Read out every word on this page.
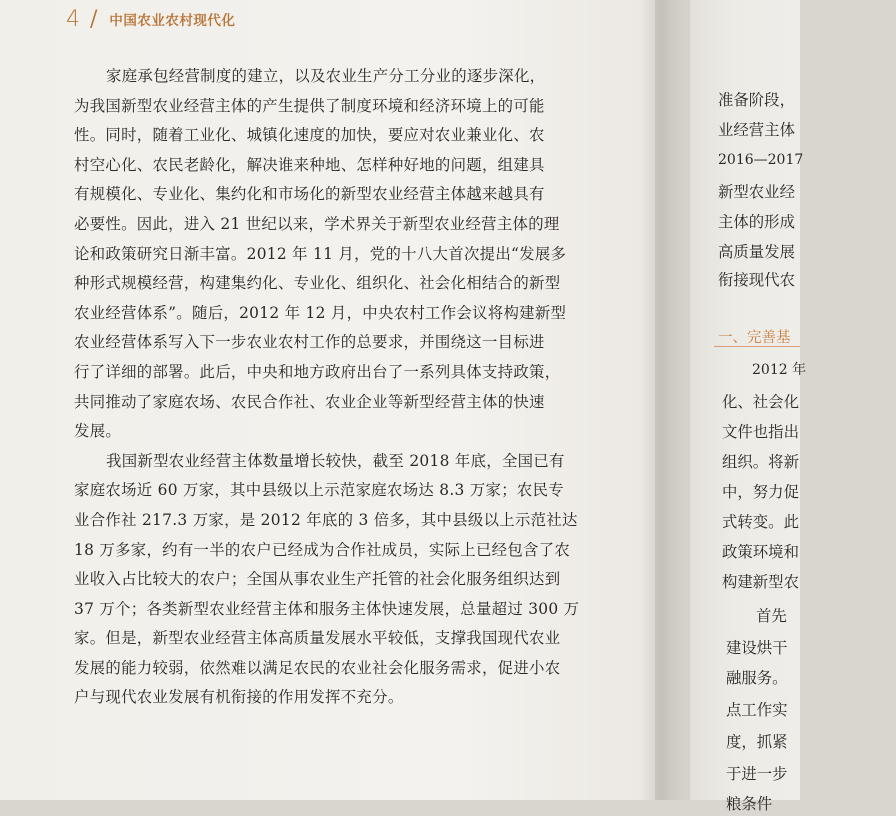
4 / 中国农业农村现代化
家庭承包经营制度的建立，以及农业生产分工分业的逐步深化，
为我国新型农业经营主体的产生提供了制度环境和经济环境上的可能
性。同时，随着工业化、城镇化速度的加快，要应对农业兼业化、农
村空心化、农民老龄化，解决谁来种地、怎样种好地的问题，组建具
有规模化、专业化、集约化和市场化的新型农业经营主体越来越具有
必要性。因此，进入 21 世纪以来，学术界关于新型农业经营主体的理
论和政策研究日渐丰富。2012 年 11 月，党的十八大首次提出“发展多
种形式规模经营，构建集约化、专业化、组织化、社会化相结合的新型
农业经营体系”。随后，2012 年 12 月，中央农村工作会议将构建新型
农业经营体系写入下一步农业农村工作的总要求，并围绕这一目标进
行了详细的部署。此后，中央和地方政府出台了一系列具体支持政策，
共同推动了家庭农场、农民合作社、农业企业等新型经营主体的快速
发展。
我国新型农业经营主体数量增长较快，截至 2018 年底，全国已有
家庭农场近 60 万家，其中县级以上示范家庭农场达 8.3 万家；农民专
业合作社 217.3 万家，是 2012 年底的 3 倍多，其中县级以上示范社达
18 万多家，约有一半的农户已经成为合作社成员，实际上已经包含了农
业收入占比较大的农户；全国从事农业生产托管的社会化服务组织达到
37 万个；各类新型农业经营主体和服务主体快速发展，总量超过 300 万
家。但是，新型农业经营主体高质量发展水平较低，支撑我国现代农业
发展的能力较弱，依然难以满足农民的农业社会化服务需求，促进小农
户与现代农业发展有机衔接的作用发挥不充分。
准备阶段，
业经营主体
2016—2017
新型农业经
主体的形成
高质量发展
衔接现代农
一、完善基
2012 年
化、社会化
文件也指出
组织。将新
中，努力促
式转变。此
政策环境和
构建新型农
首先
建设烘干
融服务。
点工作实
度，抓紧
于进一步
粮条件
